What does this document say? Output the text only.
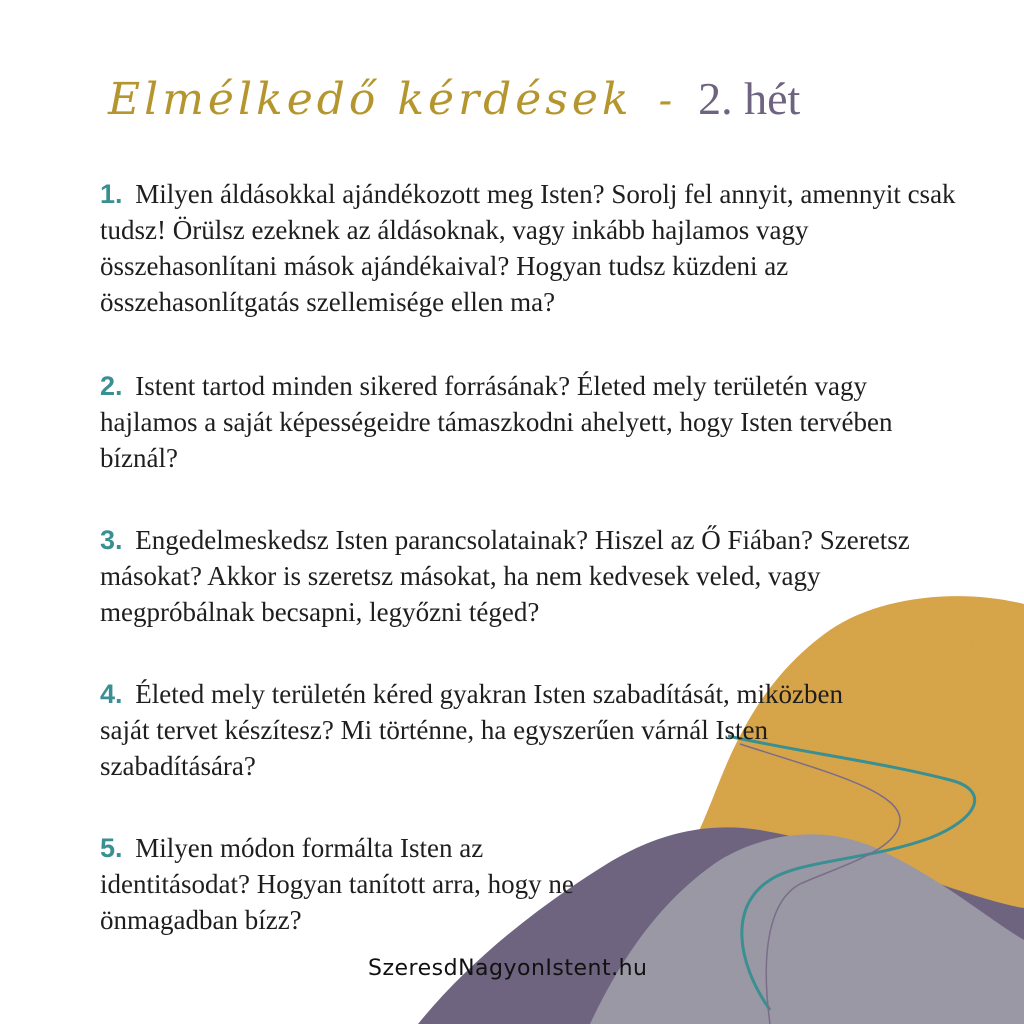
Elmélkedő kérdések - 2. hét

1. Milyen áldásokkal ajándékozott meg Isten? Sorolj fel annyit, amennyit csak tudsz! Örülsz ezeknek az áldásoknak, vagy inkább hajlamos vagy összehasonlítani mások ajándékaival? Hogyan tudsz küzdeni az összehasonlítgatás szellemisége ellen ma?

2. Istent tartod minden sikered forrásának? Életed mely területén vagy hajlamos a saját képességeidre támaszkodni ahelyett, hogy Isten tervében bíznál?

3. Engedelmeskedsz Isten parancsolatainak? Hiszel az Ő Fiában? Szeretsz másokat? Akkor is szeretsz másokat, ha nem kedvesek veled, vagy megpróbálnak becsapni, legyőzni téged?

4. Életed mely területén kéred gyakran Isten szabadítását, miközben saját tervet készítesz? Mi történne, ha egyszerűen várnál Isten szabadítására?

5. Milyen módon formálta Isten az identitásodat? Hogyan tanított arra, hogy ne önmagadban bízz?

SzeresdNagyonIstent.hu
